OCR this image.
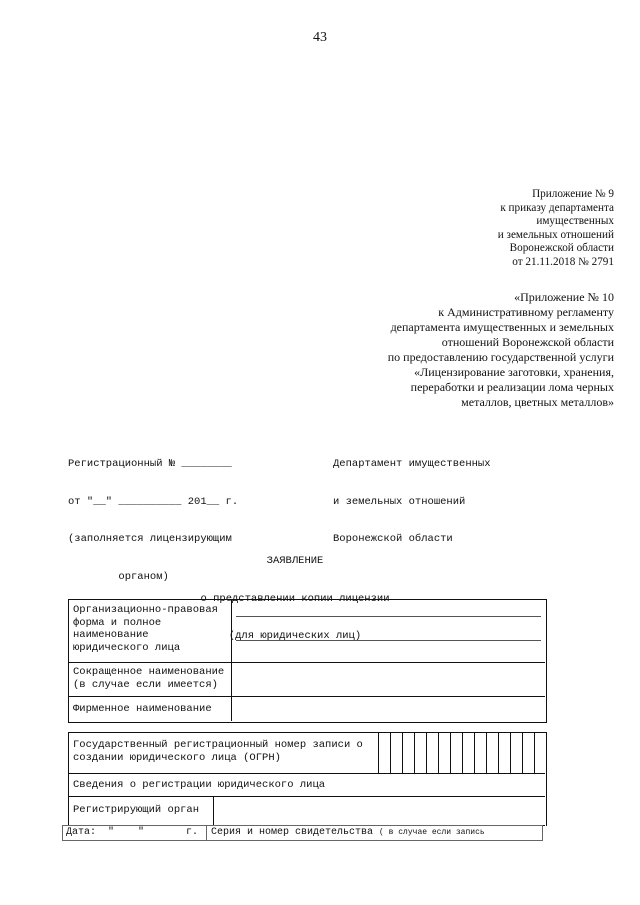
43
Приложение № 9
к приказу департамента
имущественных
и земельных отношений
Воронежской области
от 21.11.2018 № 2791
«Приложение № 10
к Административному регламенту
департамента имущественных и земельных
отношений Воронежской области
по предоставлению государственной услуги
«Лицензирование заготовки, хранения,
переработки и реализации лома черных
металлов, цветных металлов»

Регистрационный № ________

от "__" __________ 201__ г.

(заполняется лицензирующим

органом)

Департамент имущественных

и земельных отношений

Воронежской области

ЗАЯВЛЕНИЕ

о представлении копии лицензии

(для юридических лиц)

Организационно-правовая
форма и полное
наименование
юридического лица
Сокращенное наименование
(в случае если имеется)
Фирменное наименование
Государственный регистрационный номер записи о
создании юридического лица (ОГРН)
Сведения о регистрации юридического лица
Регистрирующий орган
Дата:  "    "       г. Серия и номер свидетельства ( в случае если запись
